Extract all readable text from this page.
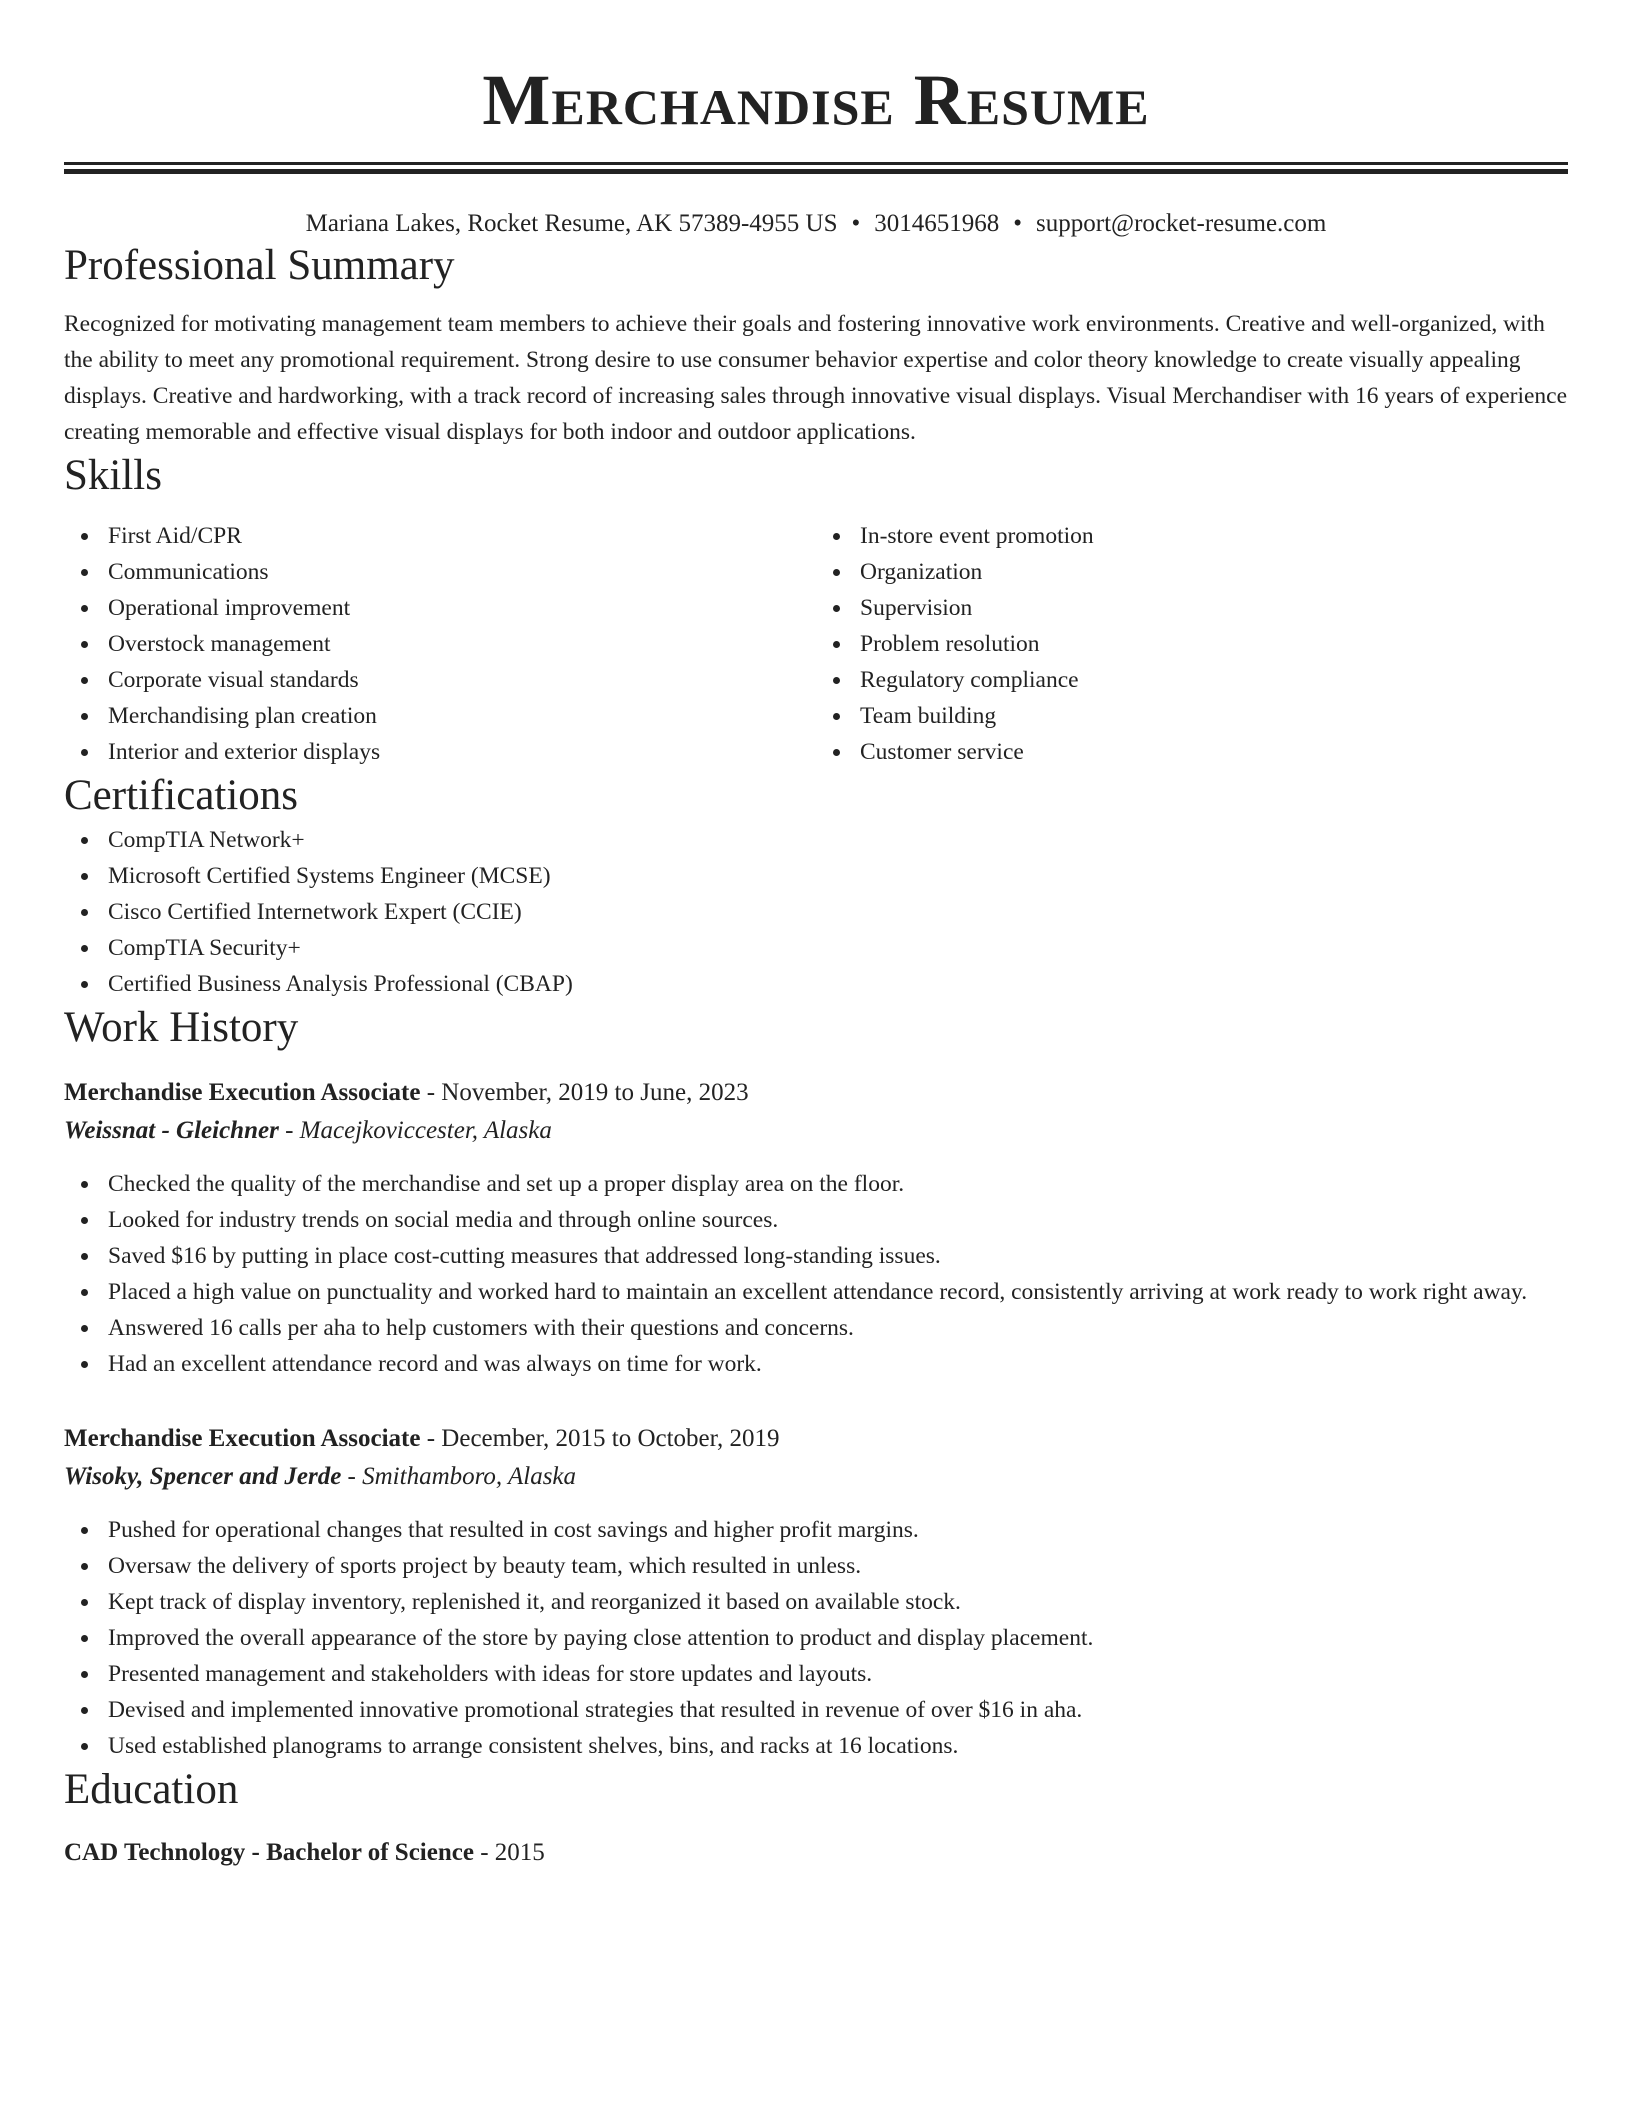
Merchandise Resume
Mariana Lakes, Rocket Resume, AK 57389-4955 US • 3014651968 • support@rocket-resume.com
Professional Summary
Recognized for motivating management team members to achieve their goals and fostering innovative work environments. Creative and well-organized, with the ability to meet any promotional requirement. Strong desire to use consumer behavior expertise and color theory knowledge to create visually appealing displays. Creative and hardworking, with a track record of increasing sales through innovative visual displays. Visual Merchandiser with 16 years of experience creating memorable and effective visual displays for both indoor and outdoor applications.
Skills
First Aid/CPR
Communications
Operational improvement
Overstock management
Corporate visual standards
Merchandising plan creation
Interior and exterior displays
In-store event promotion
Organization
Supervision
Problem resolution
Regulatory compliance
Team building
Customer service
Certifications
CompTIA Network+
Microsoft Certified Systems Engineer (MCSE)
Cisco Certified Internetwork Expert (CCIE)
CompTIA Security+
Certified Business Analysis Professional (CBAP)
Work History
Merchandise Execution Associate - November, 2019 to June, 2023
Weissnat - Gleichner - Macejkoviccester, Alaska
Checked the quality of the merchandise and set up a proper display area on the floor.
Looked for industry trends on social media and through online sources.
Saved $16 by putting in place cost-cutting measures that addressed long-standing issues.
Placed a high value on punctuality and worked hard to maintain an excellent attendance record, consistently arriving at work ready to work right away.
Answered 16 calls per aha to help customers with their questions and concerns.
Had an excellent attendance record and was always on time for work.
Merchandise Execution Associate - December, 2015 to October, 2019
Wisoky, Spencer and Jerde - Smithamboro, Alaska
Pushed for operational changes that resulted in cost savings and higher profit margins.
Oversaw the delivery of sports project by beauty team, which resulted in unless.
Kept track of display inventory, replenished it, and reorganized it based on available stock.
Improved the overall appearance of the store by paying close attention to product and display placement.
Presented management and stakeholders with ideas for store updates and layouts.
Devised and implemented innovative promotional strategies that resulted in revenue of over $16 in aha.
Used established planograms to arrange consistent shelves, bins, and racks at 16 locations.
Education
CAD Technology - Bachelor of Science - 2015
